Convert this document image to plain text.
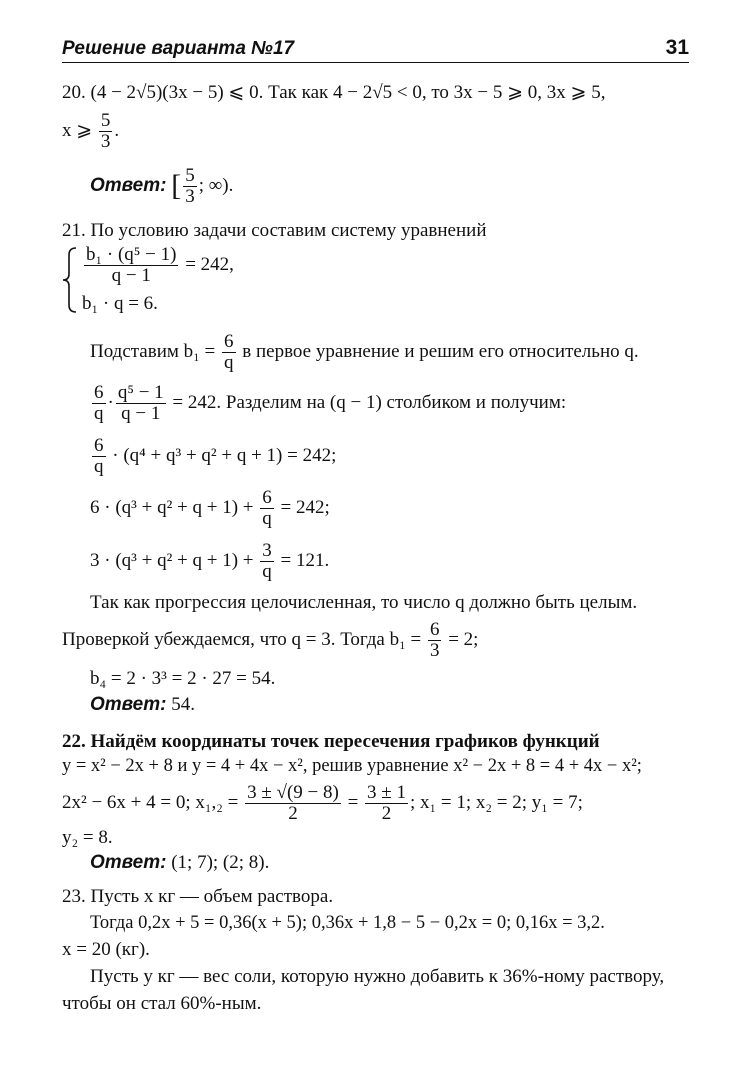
Решение варианта №17	31
20. (4 − 2√5)(3x − 5) ⩽ 0. Так как 4 − 2√5 < 0, то 3x − 5 ⩾ 0, 3x ⩾ 5,
x ⩾ $\frac{5}{3}$ .
Ответ: [ $\frac{5}{3}$ ; ∞).
21. По условию задачи составим систему уравнений
$\frac{\text{b₁ · (q⁵ − 1)}}{q - 1} = 242$,
b₁ · q = 6.
Подставим $b_1 = \frac{6}{q}$ в первое уравнение и решим его относительно q.
$\frac{6}{q} \cdot \frac{\text{q⁵ − 1}}{q - 1} = 242$. Разделим на (q − 1) столбиком и получим:
$\frac{6}{q} \cdot (q^4 + q^3 + q^2 + q + 1) = 242$;
$6 \cdot (q^3 + q^2 + q + 1) + \frac{6}{q} = 242$;
$3 \cdot (q^3 + q^2 + q + 1) + \frac{3}{q} = 121$.
Так как прогрессия целочисленная, то число q должно быть целым.
Проверкой убеждаемся, что q = 3. Тогда $b_1 = \frac{6}{3} = 2$;
b₄ = 2 · 3³ = 2 · 27 = 54.
Ответ: 54.
22. Найдём координаты точек пересечения графиков функций
y = x² − 2x + 8 и y = 4 + 4x − x², решив уравнение x² − 2x + 8 = 4 + 4x − x²;
2x² − 6x + 4 = 0; $x_1,_2 = \frac{3 \pm √(9 - 8)}{2} = \frac{3 \pm 1}{2}$ ; x₁ = 1; x₂ = 2; y₁ = 7;
y₂ = 8.
Ответ: (1; 7); (2; 8).
23. Пусть x кг — объем раствора.
Тогда 0,2x + 5 = 0,36(x + 5); 0,36x + 1,8 − 5 − 0,2x = 0; 0,16x = 3,2.
x = 20 (кг).
Пусть y кг — вес соли, которую нужно добавить к 36%-ному раствору,
чтобы он стал 60%-ным.
